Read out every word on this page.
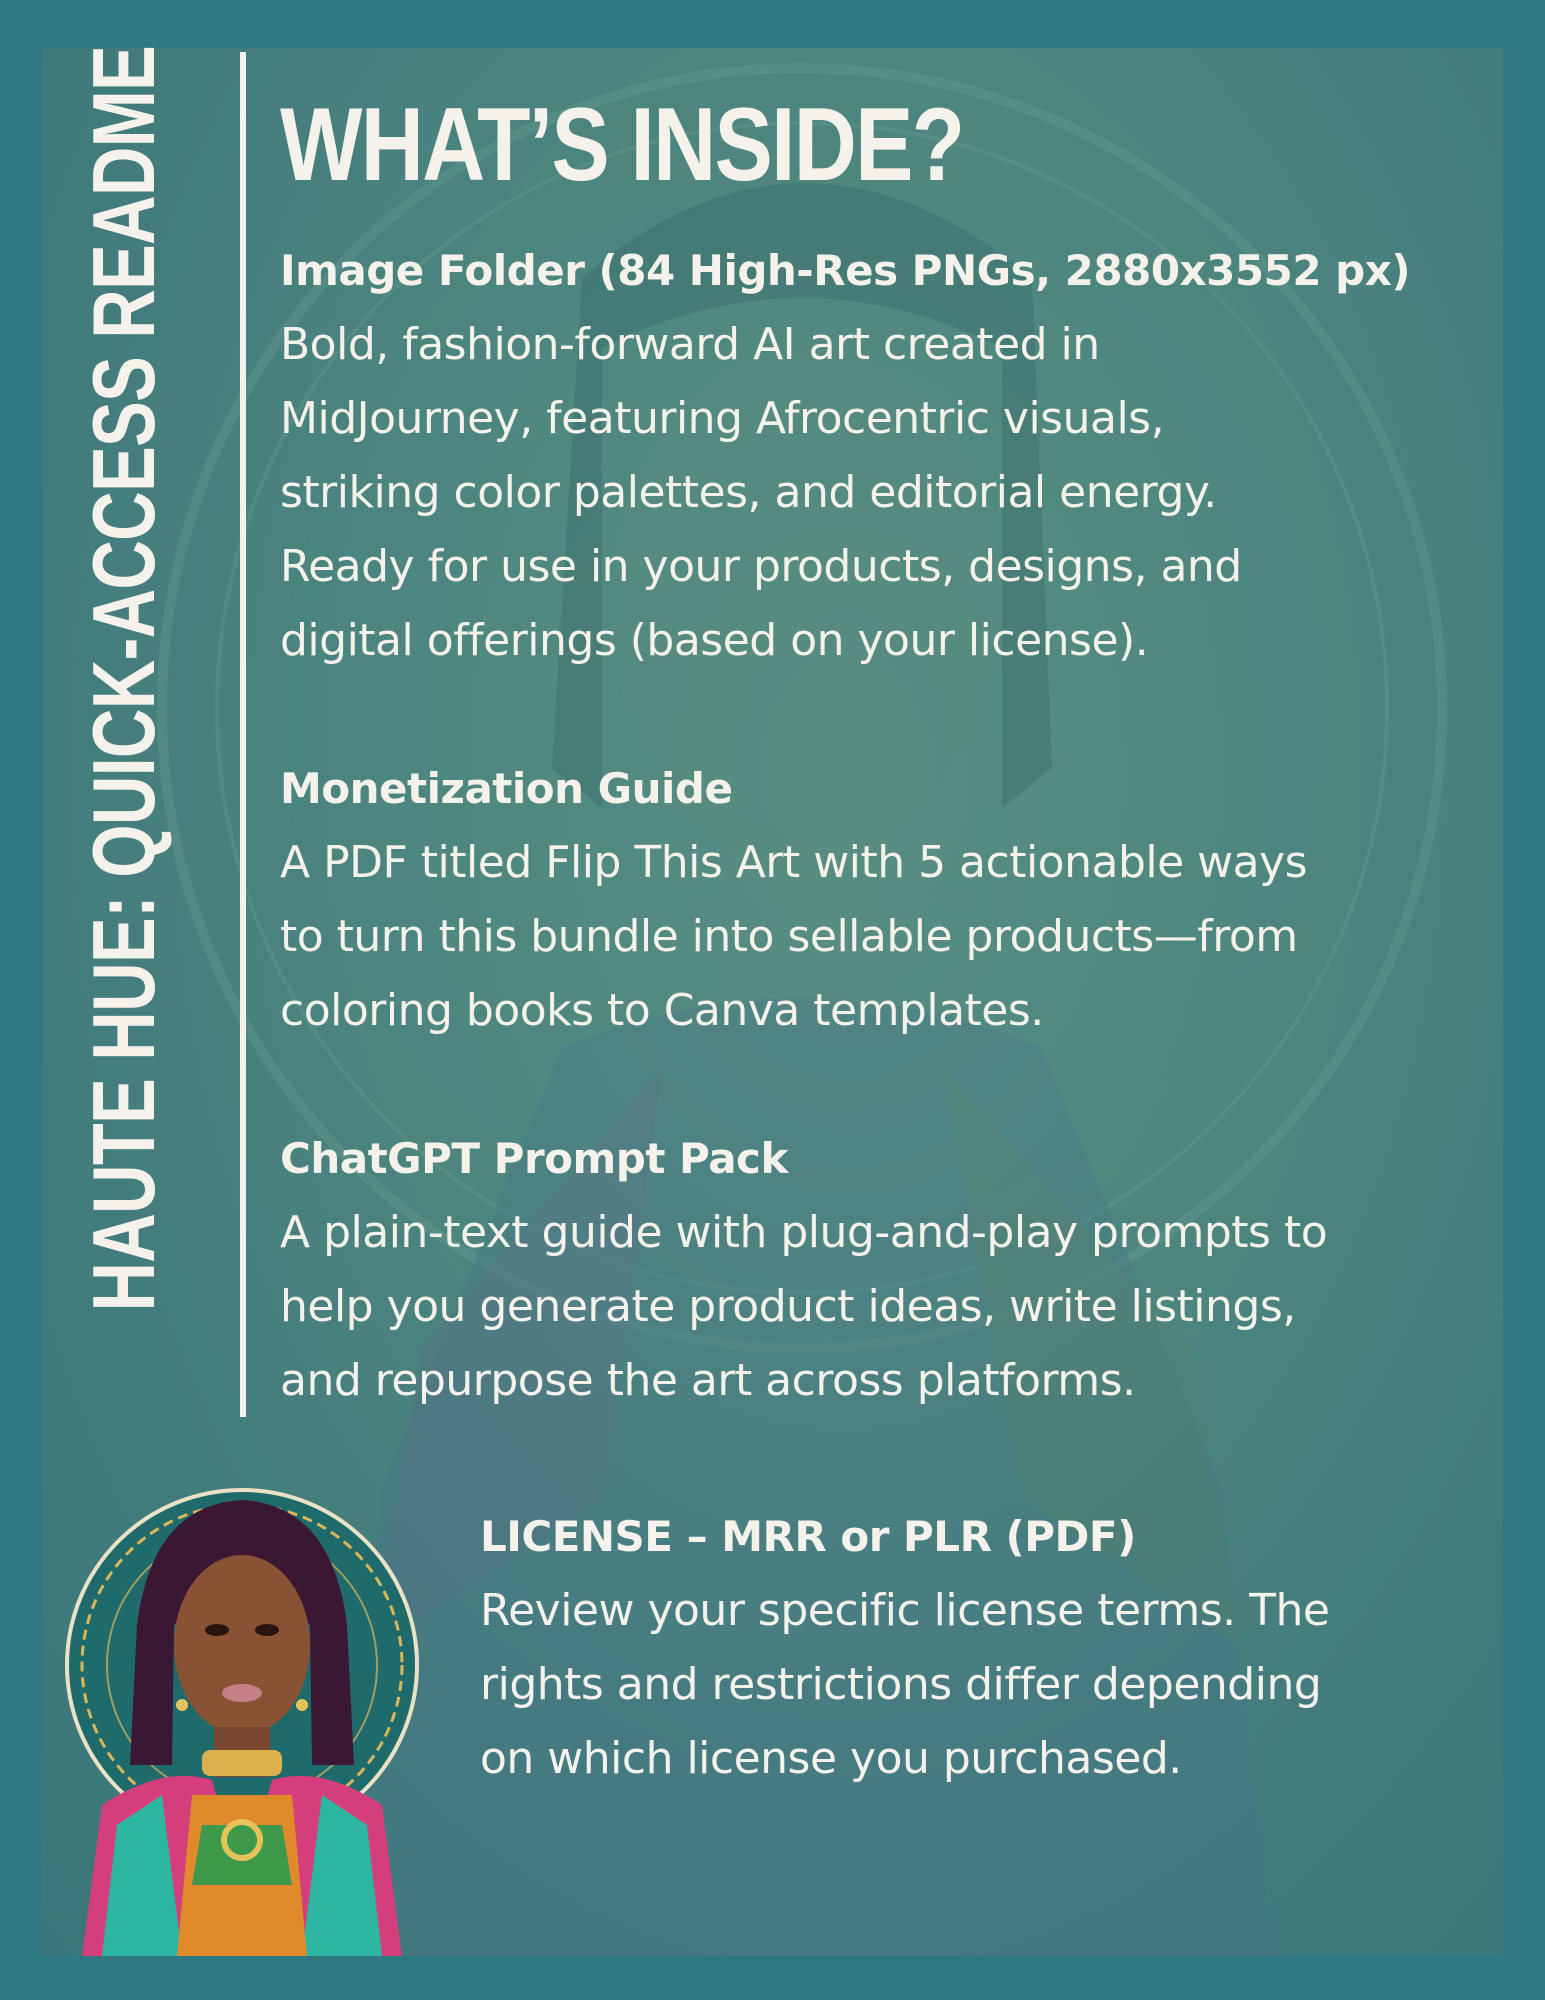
HAUTE HUE: QUICK-ACCESS README WHAT’S INSIDE?
Image Folder (84 High-Res PNGs, 2880x3552 px)
Bold, fashion-forward AI art created in
MidJourney, featuring Afrocentric visuals,
striking color palettes, and editorial energy.
Ready for use in your products, designs, and
digital offerings (based on your license).
Monetization Guide
A PDF titled Flip This Art with 5 actionable ways
to turn this bundle into sellable products—from
coloring books to Canva templates.
ChatGPT Prompt Pack
A plain-text guide with plug-and-play prompts to
help you generate product ideas, write listings,
and repurpose the art across platforms.
LICENSE – MRR or PLR (PDF)
Review your specific license terms. The
rights and restrictions differ depending
on which license you purchased.
